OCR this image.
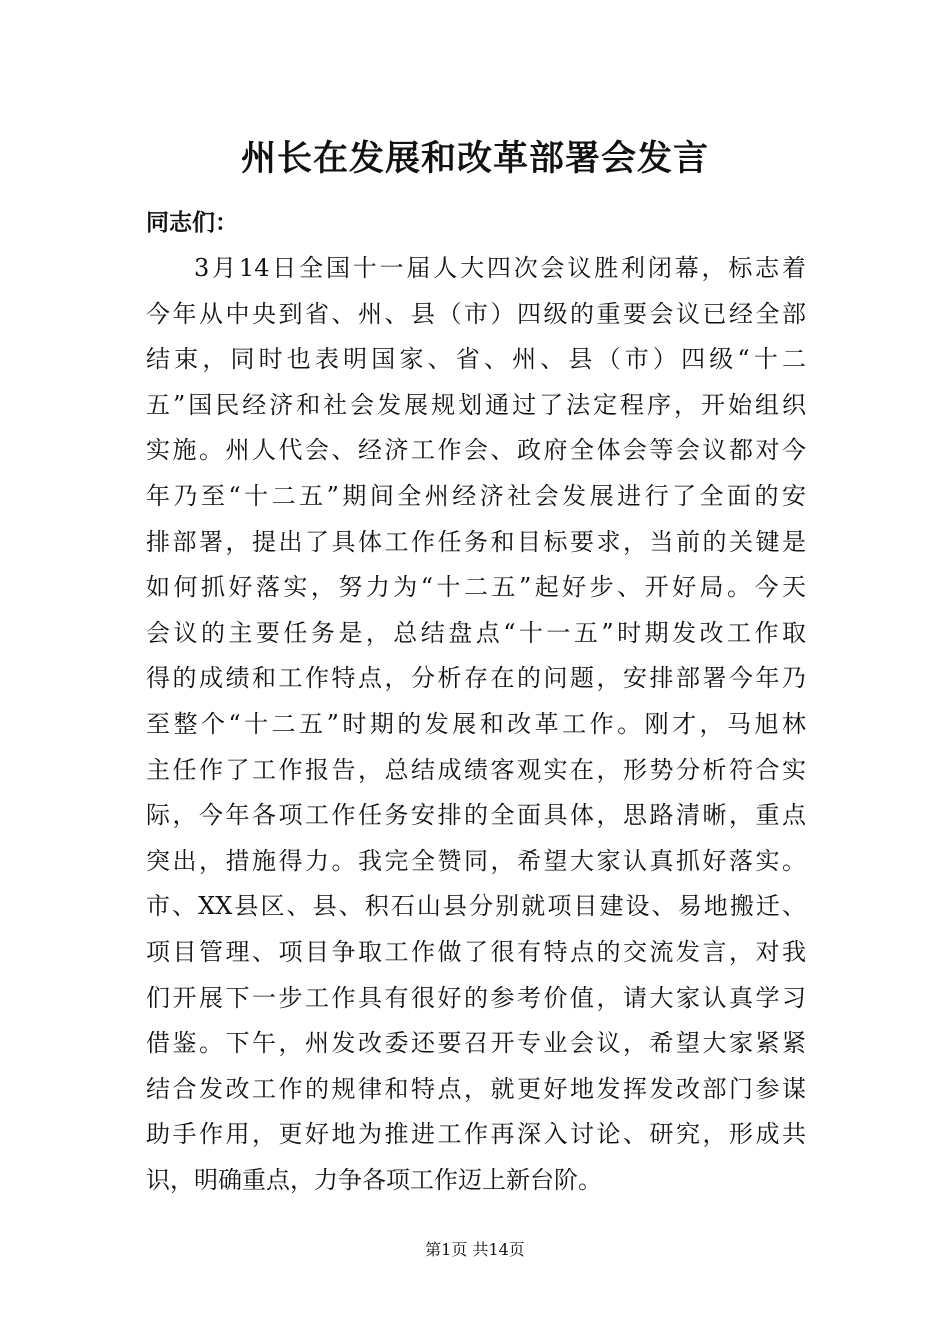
州长在发展和改革部署会发言

同志们：

3月14日全国十一届人大四次会议胜利闭幕，标志着
今年从中央到省、州、县（市）四级的重要会议已经全部
结束，同时也表明国家、省、州、县（市）四级“十二
五”国民经济和社会发展规划通过了法定程序，开始组织
实施。州人代会、经济工作会、政府全体会等会议都对今
年乃至“十二五”期间全州经济社会发展进行了全面的安
排部署，提出了具体工作任务和目标要求，当前的关键是
如何抓好落实，努力为“十二五”起好步、开好局。今天
会议的主要任务是，总结盘点“十一五”时期发改工作取
得的成绩和工作特点，分析存在的问题，安排部署今年乃
至整个“十二五”时期的发展和改革工作。刚才，马旭林
主任作了工作报告，总结成绩客观实在，形势分析符合实
际，今年各项工作任务安排的全面具体，思路清晰，重点
突出，措施得力。我完全赞同，希望大家认真抓好落实。
市、XX县区、县、积石山县分别就项目建设、易地搬迁、
项目管理、项目争取工作做了很有特点的交流发言，对我
们开展下一步工作具有很好的参考价值，请大家认真学习
借鉴。下午，州发改委还要召开专业会议，希望大家紧紧
结合发改工作的规律和特点，就更好地发挥发改部门参谋
助手作用，更好地为推进工作再深入讨论、研究，形成共
识，明确重点，力争各项工作迈上新台阶。
第1页 共14页
